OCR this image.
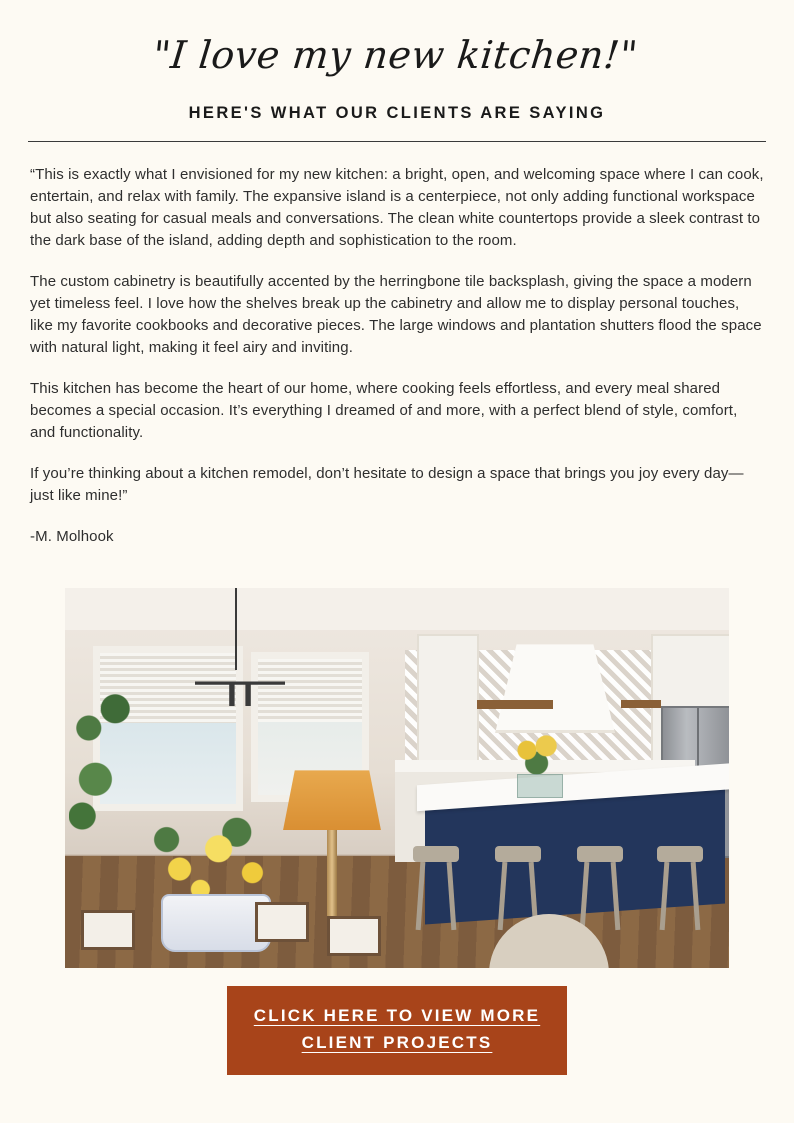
"I love my new kitchen!"
HERE'S WHAT OUR CLIENTS ARE SAYING

“This is exactly what I envisioned for my new kitchen: a bright, open, and welcoming space where I can cook, entertain, and relax with family. The expansive island is a centerpiece, not only adding functional workspace but also seating for casual meals and conversations. The clean white countertops provide a sleek contrast to the dark base of the island, adding depth and sophistication to the room.

The custom cabinetry is beautifully accented by the herringbone tile backsplash, giving the space a modern yet timeless feel. I love how the shelves break up the cabinetry and allow me to display personal touches, like my favorite cookbooks and decorative pieces. The large windows and plantation shutters flood the space with natural light, making it feel airy and inviting.

This kitchen has become the heart of our home, where cooking feels effortless, and every meal shared becomes a special occasion. It’s everything I dreamed of and more, with a perfect blend of style, comfort, and functionality.

If you’re thinking about a kitchen remodel, don’t hesitate to design a space that brings you joy every day—just like mine!”

-M. Molhook

CLICK HERE TO VIEW MORE
CLIENT PROJECTS
